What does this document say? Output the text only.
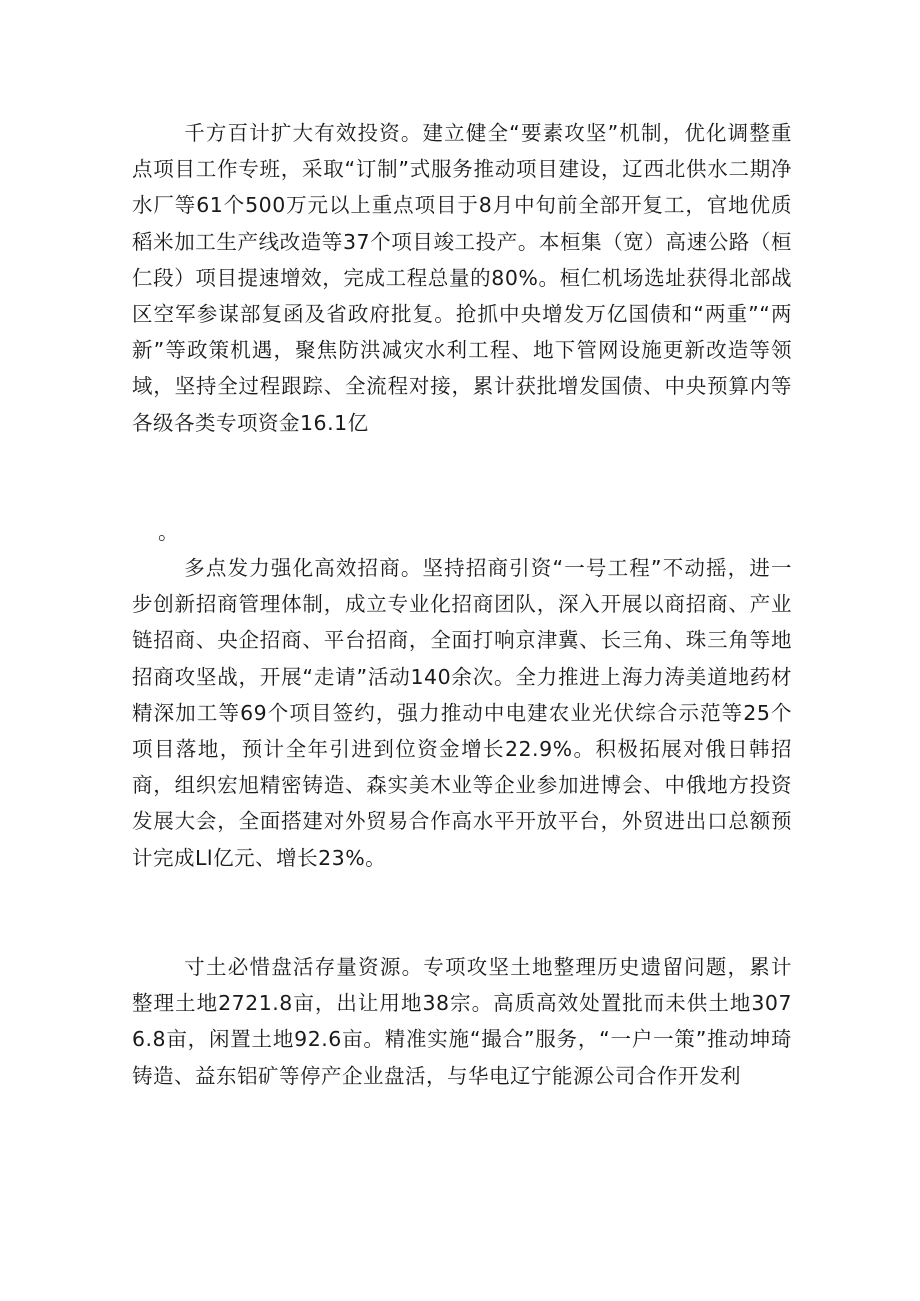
千方百计扩大有效投资。建立健全“要素攻坚”机制，优化调整重点项目工作专班，采取“订制”式服务推动项目建设，辽西北供水二期净水厂等61个500万元以上重点项目于8月中旬前全部开复工，官地优质稻米加工生产线改造等37个项目竣工投产。本桓集（宽）高速公路（桓仁段）项目提速增效，完成工程总量的80%。桓仁机场选址获得北部战区空军参谋部复函及省政府批复。抢抓中央增发万亿国债和“两重”“两新”等政策机遇，聚焦防洪减灾水利工程、地下管网设施更新改造等领域，坚持全过程跟踪、全流程对接，累计获批增发国债、中央预算内等各级各类专项资金16.1亿

。

多点发力强化高效招商。坚持招商引资“一号工程”不动摇，进一步创新招商管理体制，成立专业化招商团队，深入开展以商招商、产业链招商、央企招商、平台招商，全面打响京津冀、长三角、珠三角等地招商攻坚战，开展“走请”活动140余次。全力推进上海力涛美道地药材精深加工等69个项目签约，强力推动中电建农业光伏综合示范等25个项目落地，预计全年引进到位资金增长22.9%。积极拓展对俄日韩招商，组织宏旭精密铸造、森实美木业等企业参加进博会、中俄地方投资发展大会，全面搭建对外贸易合作高水平开放平台，外贸进出口总额预计完成Ll亿元、增长23%。

寸土必惜盘活存量资源。专项攻坚土地整理历史遗留问题，累计整理土地2721.8亩，出让用地38宗。高质高效处置批而未供土地3076.8亩，闲置土地92.6亩。精准实施“撮合”服务，“一户一策”推动坤琦铸造、益东铝矿等停产企业盘活，与华电辽宁能源公司合作开发利
